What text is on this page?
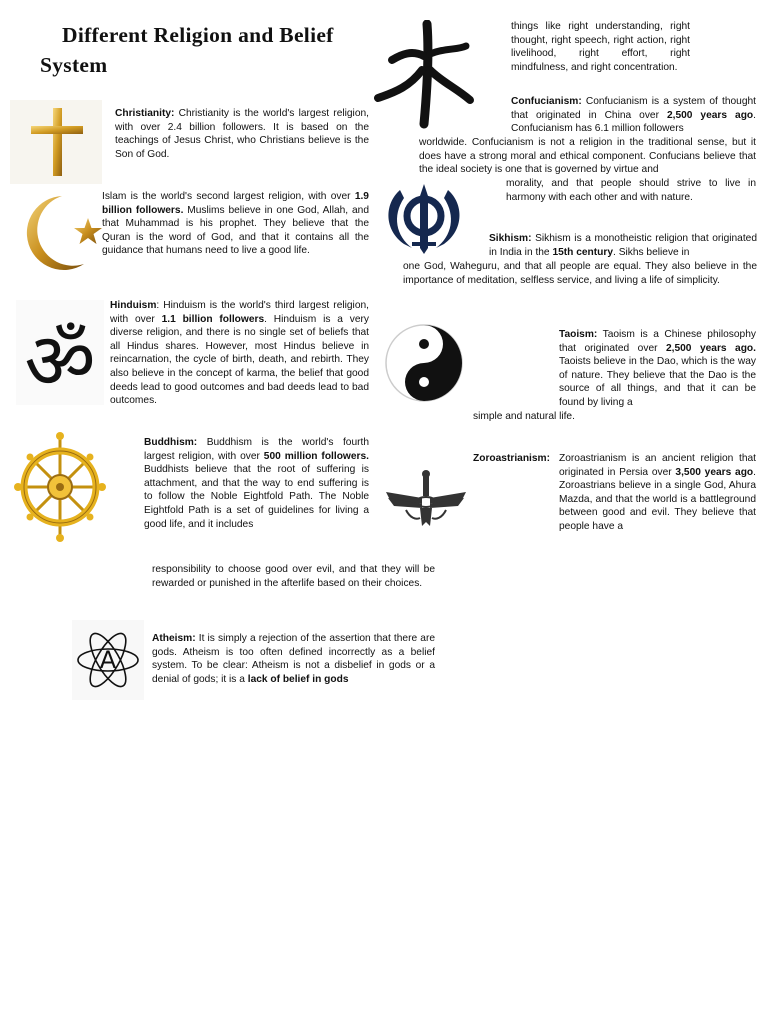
Different Religion and Belief
System
Christianity: Christianity is the world's largest religion, with over 2.4 billion followers. It is based on the teachings of Jesus Christ, who Christians believe is the Son of God.
Islam is the world's second largest religion, with over 1.9 billion followers. Muslims believe in one God, Allah, and that Muhammad is his prophet. They believe that the Quran is the word of God, and that it contains all the guidance that humans need to live a good life.
ॐ
Hinduism: Hinduism is the world's third largest religion, with over 1.1 billion followers. Hinduism is a very diverse religion, and there is no single set of beliefs that all Hindus shares. However, most Hindus believe in reincarnation, the cycle of birth, death, and rebirth. They also believe in the concept of karma, the belief that good deeds lead to good outcomes and bad deeds lead to bad outcomes.
Buddhism: Buddhism is the world's fourth largest religion, with over 500 million followers. Buddhists believe that the root of suffering is attachment, and that the way to end suffering is to follow the Noble Eightfold Path. The Noble Eightfold Path is a set of guidelines for living a good life, and it includes
responsibility to choose good over evil, and that they will be rewarded or punished in the afterlife based on their choices.
A
Atheism: It is simply a rejection of the assertion that there are gods. Atheism is too often defined incorrectly as a belief system. To be clear: Atheism is not a disbelief in gods or a denial of gods; it is a lack of belief in gods
things like right understanding, right thought, right speech, right action, right livelihood, right effort, right mindfulness, and right concentration.
Confucianism: Confucianism is a system of thought that originated in China over 2,500 years ago. Confucianism has 6.1 million followers
worldwide. Confucianism is not a religion in the traditional sense, but it does have a strong moral and ethical component. Confucians believe that the ideal society is one that is governed by virtue and
morality, and that people should strive to live in harmony with each other and with nature.
Sikhism: Sikhism is a monotheistic religion that originated in India in the 15th century. Sikhs believe in
one God, Waheguru, and that all people are equal. They also believe in the importance of meditation, selfless service, and living a life of simplicity.
Taoism: Taoism is a Chinese philosophy that originated over 2,500 years ago. Taoists believe in the Dao, which is the way of nature. They believe that the Dao is the source of all things, and that it can be found by living a
simple and natural life.
Zoroastrianism: Zoroastrianism is an ancient religion that originated in Persia over 3,500 years ago. Zoroastrians believe in a single God, Ahura Mazda, and that the world is a battleground between good and evil. They believe that people have a
